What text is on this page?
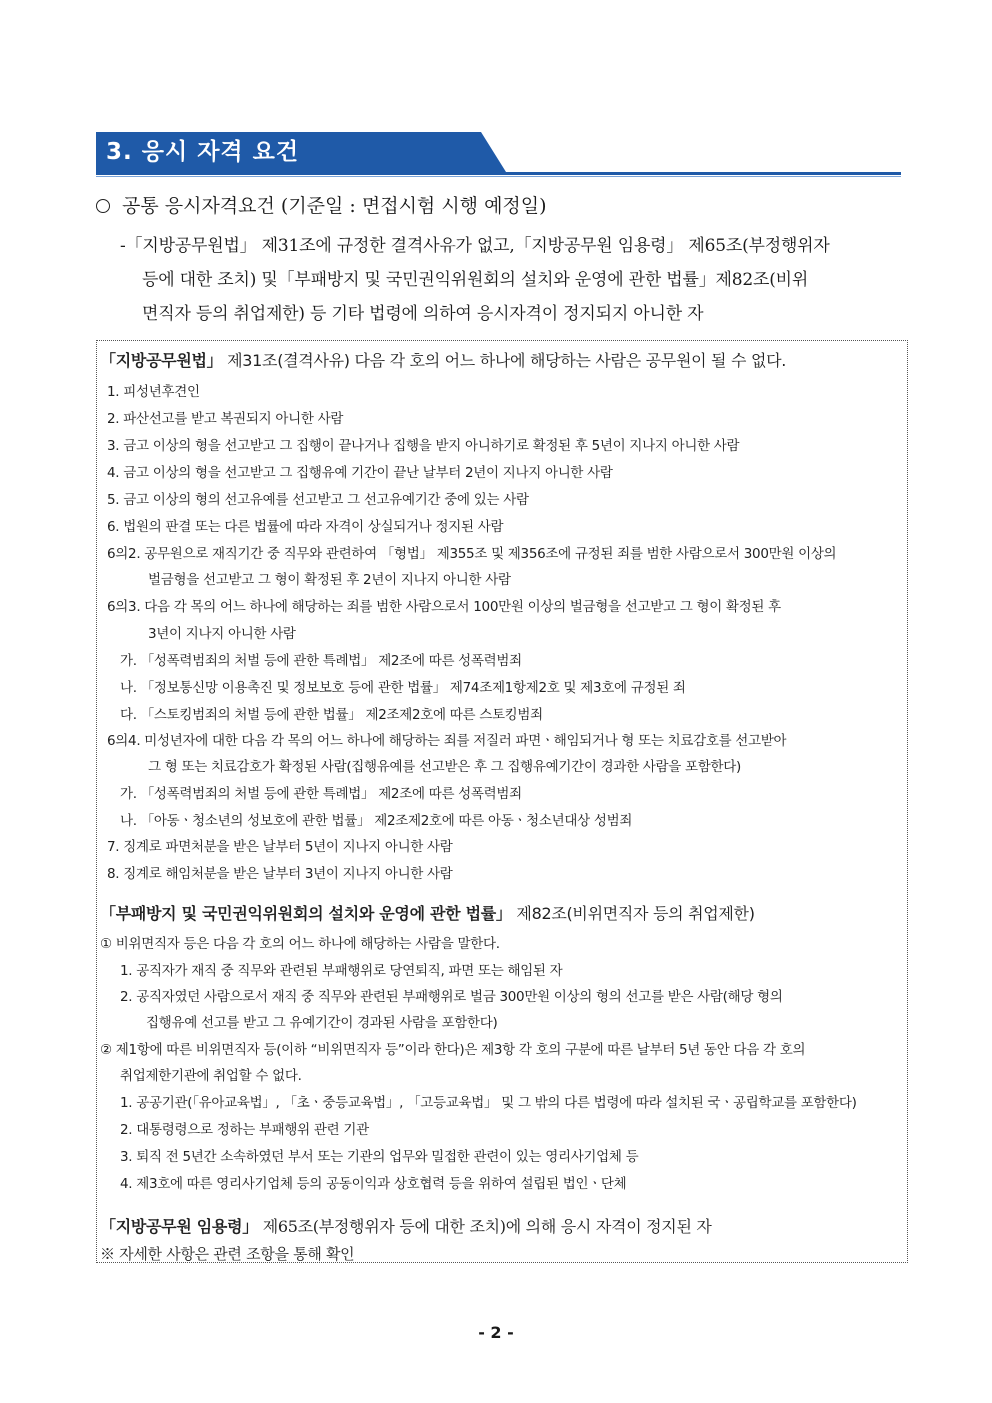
3. 응시 자격 요건
공통 응시자격요건 (기준일 : 면접시험 시행 예정일)
-「지방공무원법」 제31조에 규정한 결격사유가 없고,「지방공무원 임용령」 제65조(부정행위자
등에 대한 조치) 및「부패방지 및 국민권익위원회의 설치와 운영에 관한 법률」제82조(비위
면직자 등의 취업제한) 등 기타 법령에 의하여 응시자격이 정지되지 아니한 자
「지방공무원법」 제31조(결격사유) 다음 각 호의 어느 하나에 해당하는 사람은 공무원이 될 수 없다.
1. 피성년후견인
2. 파산선고를 받고 복권되지 아니한 사람
3. 금고 이상의 형을 선고받고 그 집행이 끝나거나 집행을 받지 아니하기로 확정된 후 5년이 지나지 아니한 사람
4. 금고 이상의 형을 선고받고 그 집행유예 기간이 끝난 날부터 2년이 지나지 아니한 사람
5. 금고 이상의 형의 선고유예를 선고받고 그 선고유예기간 중에 있는 사람
6. 법원의 판결 또는 다른 법률에 따라 자격이 상실되거나 정지된 사람
6의2. 공무원으로 재직기간 중 직무와 관련하여 「형법」 제355조 및 제356조에 규정된 죄를 범한 사람으로서 300만원 이상의
벌금형을 선고받고 그 형이 확정된 후 2년이 지나지 아니한 사람
6의3. 다음 각 목의 어느 하나에 해당하는 죄를 범한 사람으로서 100만원 이상의 벌금형을 선고받고 그 형이 확정된 후
3년이 지나지 아니한 사람
가. 「성폭력범죄의 처벌 등에 관한 특례법」 제2조에 따른 성폭력범죄
나. 「정보통신망 이용촉진 및 정보보호 등에 관한 법률」 제74조제1항제2호 및 제3호에 규정된 죄
다. 「스토킹범죄의 처벌 등에 관한 법률」 제2조제2호에 따른 스토킹범죄
6의4. 미성년자에 대한 다음 각 목의 어느 하나에 해당하는 죄를 저질러 파면ㆍ해임되거나 형 또는 치료감호를 선고받아
그 형 또는 치료감호가 확정된 사람(집행유예를 선고받은 후 그 집행유예기간이 경과한 사람을 포함한다)
가. 「성폭력범죄의 처벌 등에 관한 특례법」 제2조에 따른 성폭력범죄
나. 「아동ㆍ청소년의 성보호에 관한 법률」 제2조제2호에 따른 아동ㆍ청소년대상 성범죄
7. 징계로 파면처분을 받은 날부터 5년이 지나지 아니한 사람
8. 징계로 해임처분을 받은 날부터 3년이 지나지 아니한 사람
「부패방지 및 국민권익위원회의 설치와 운영에 관한 법률」 제82조(비위면직자 등의 취업제한)
① 비위면직자 등은 다음 각 호의 어느 하나에 해당하는 사람을 말한다.
1. 공직자가 재직 중 직무와 관련된 부패행위로 당연퇴직, 파면 또는 해임된 자
2. 공직자였던 사람으로서 재직 중 직무와 관련된 부패행위로 벌금 300만원 이상의 형의 선고를 받은 사람(해당 형의
집행유예 선고를 받고 그 유예기간이 경과된 사람을 포함한다)
② 제1항에 따른 비위면직자 등(이하 “비위면직자 등”이라 한다)은 제3항 각 호의 구분에 따른 날부터 5년 동안 다음 각 호의
취업제한기관에 취업할 수 없다.
1. 공공기관(「유아교육법」, 「초ㆍ중등교육법」, 「고등교육법」 및 그 밖의 다른 법령에 따라 설치된 국ㆍ공립학교를 포함한다)
2. 대통령령으로 정하는 부패행위 관련 기관
3. 퇴직 전 5년간 소속하였던 부서 또는 기관의 업무와 밀접한 관련이 있는 영리사기업체 등
4. 제3호에 따른 영리사기업체 등의 공동이익과 상호협력 등을 위하여 설립된 법인ㆍ단체
「지방공무원 임용령」 제65조(부정행위자 등에 대한 조치)에 의해 응시 자격이 정지된 자
※ 자세한 사항은 관련 조항을 통해 확인
- 2 -
